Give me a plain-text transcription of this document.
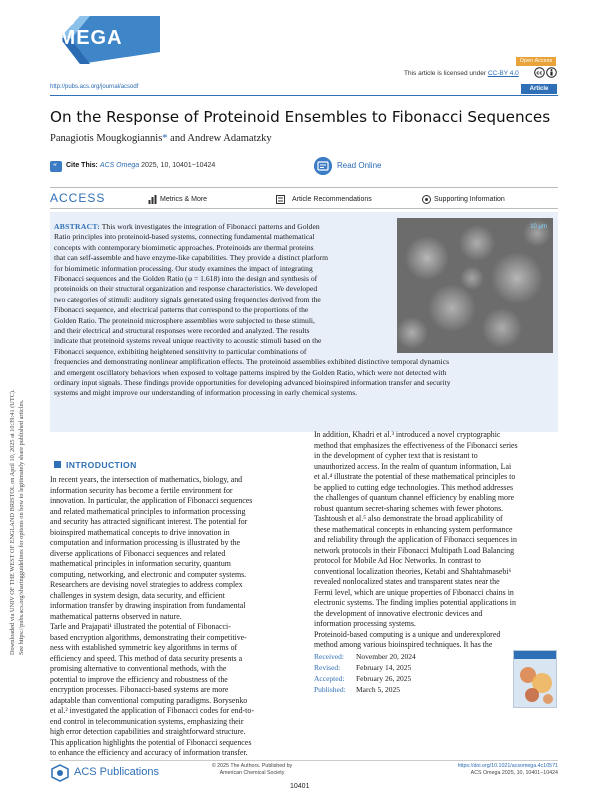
ACS
OMEGA
Open Access
This article is licensed under CC-BY 4.0	cc
http://pubs.acs.org/journal/acsodf	Article
On the Response of Proteinoid Ensembles to Fibonacci Sequences
Panagiotis Mougkogiannis* and Andrew Adamatzky
“ Cite This: ACS Omega 2025, 10, 10401−10424	Read Online
ACCESS	Metrics & More	Article Recommendations	Supporting Information
10 μm
ABSTRACT: This work investigates the integration of Fibonacci patterns and Golden
Ratio principles into proteinoid-based systems, connecting fundamental mathematical
concepts with contemporary biomimetic approaches. Proteinoids are thermal proteins
that can self-assemble and have enzyme-like capabilities. They provide a distinct platform
for biomimetic information processing. Our study examines the impact of integrating
Fibonacci sequences and the Golden Ratio (φ = 1.618) into the design and synthesis of
proteinoids on their structural organization and response characteristics. We developed
two categories of stimuli: auditory signals generated using frequencies derived from the
Fibonacci sequence, and electrical patterns that correspond to the proportions of the
Golden Ratio. The proteinoid microsphere assemblies were subjected to these stimuli,
and their electrical and structural responses were recorded and analyzed. The results
indicate that proteinoid systems reveal unique reactivity to acoustic stimuli based on the
Fibonacci sequence, exhibiting heightened sensitivity to particular combinations of
frequencies and demonstrating nonlinear amplification effects. The proteinoid assemblies exhibited distinctive temporal dynamics
and emergent oscillatory behaviors when exposed to voltage patterns inspired by the Golden Ratio, which were not detected with
ordinary input signals. These findings provide opportunities for developing advanced bioinspired information transfer and security
systems and might improve our understanding of information processing in early chemical systems.
Downloaded via UNIV OF THE WEST OF ENGLAND BRISTOL on April 10, 2025 at 10:39:41 (UTC). See https://pubs.acs.org/sharingguidelines for options on how to legitimately share published articles.	INTRODUCTION
In recent years, the intersection of mathematics, biology, and
information security has become a fertile environment for
innovation. In particular, the application of Fibonacci sequences
and related mathematical principles to information processing
and security has attracted significant interest. The potential for
bioinspired mathematical concepts to drive innovation in
computation and information processing is illustrated by the
diverse applications of Fibonacci sequences and related
mathematical principles in information security, quantum
computing, networking, and electronic and computer systems.
Researchers are devising novel strategies to address complex
challenges in system design, data security, and efficient
information transfer by drawing inspiration from fundamental
mathematical patterns observed in nature.
Tarle and Prajapati¹ illustrated the potential of Fibonacci-
based encryption algorithms, demonstrating their competitive-
ness with established symmetric key algorithms in terms of
efficiency and speed. This method of data security presents a
promising alternative to conventional methods, with the
potential to improve the efficiency and robustness of the
encryption processes. Fibonacci-based systems are more
adaptable than conventional computing paradigms. Borysenko
et al.² investigated the application of Fibonacci codes for end-to-
end control in telecommunication systems, emphasizing their
high error detection capabilities and straightforward structure.
This application highlights the potential of Fibonacci sequences
to enhance the efficiency and accuracy of information transfer.
In addition, Khadri et al.³ introduced a novel cryptographic
method that emphasizes the effectiveness of the Fibonacci series
in the development of cypher text that is resistant to
unauthorized access. In the realm of quantum information, Lai
et al.⁴ illustrate the potential of these mathematical principles to
be applied to cutting edge technologies. This method addresses
the challenges of quantum channel efficiency by enabling more
robust quantum secret-sharing schemes with fewer photons.
Tashtoush et al.⁵ also demonstrate the broad applicability of
these mathematical concepts in enhancing system performance
and reliability through the application of Fibonacci sequences in
network protocols in their Fibonacci Multipath Load Balancing
protocol for Mobile Ad Hoc Networks. In contrast to
conventional localization theories, Ketabi and Shahtahmasebi⁶
revealed nonlocalized states and transparent states near the
Fermi level, which are unique properties of Fibonacci chains in
electronic systems. The finding implies potential applications in
the development of innovative electronic devices and
information processing systems.
Proteinoid-based computing is a unique and underexplored
method among various bioinspired techniques. It has the
Received: November 20, 2024
Revised: February 14, 2025
Accepted: February 26, 2025
Published: March 5, 2025
ACS Publications	© 2025 The Authors. Published by
American Chemical Society
10401
https://doi.org/10.1021/acsomega.4c10571
ACS Omega 2025, 10, 10401−10424
